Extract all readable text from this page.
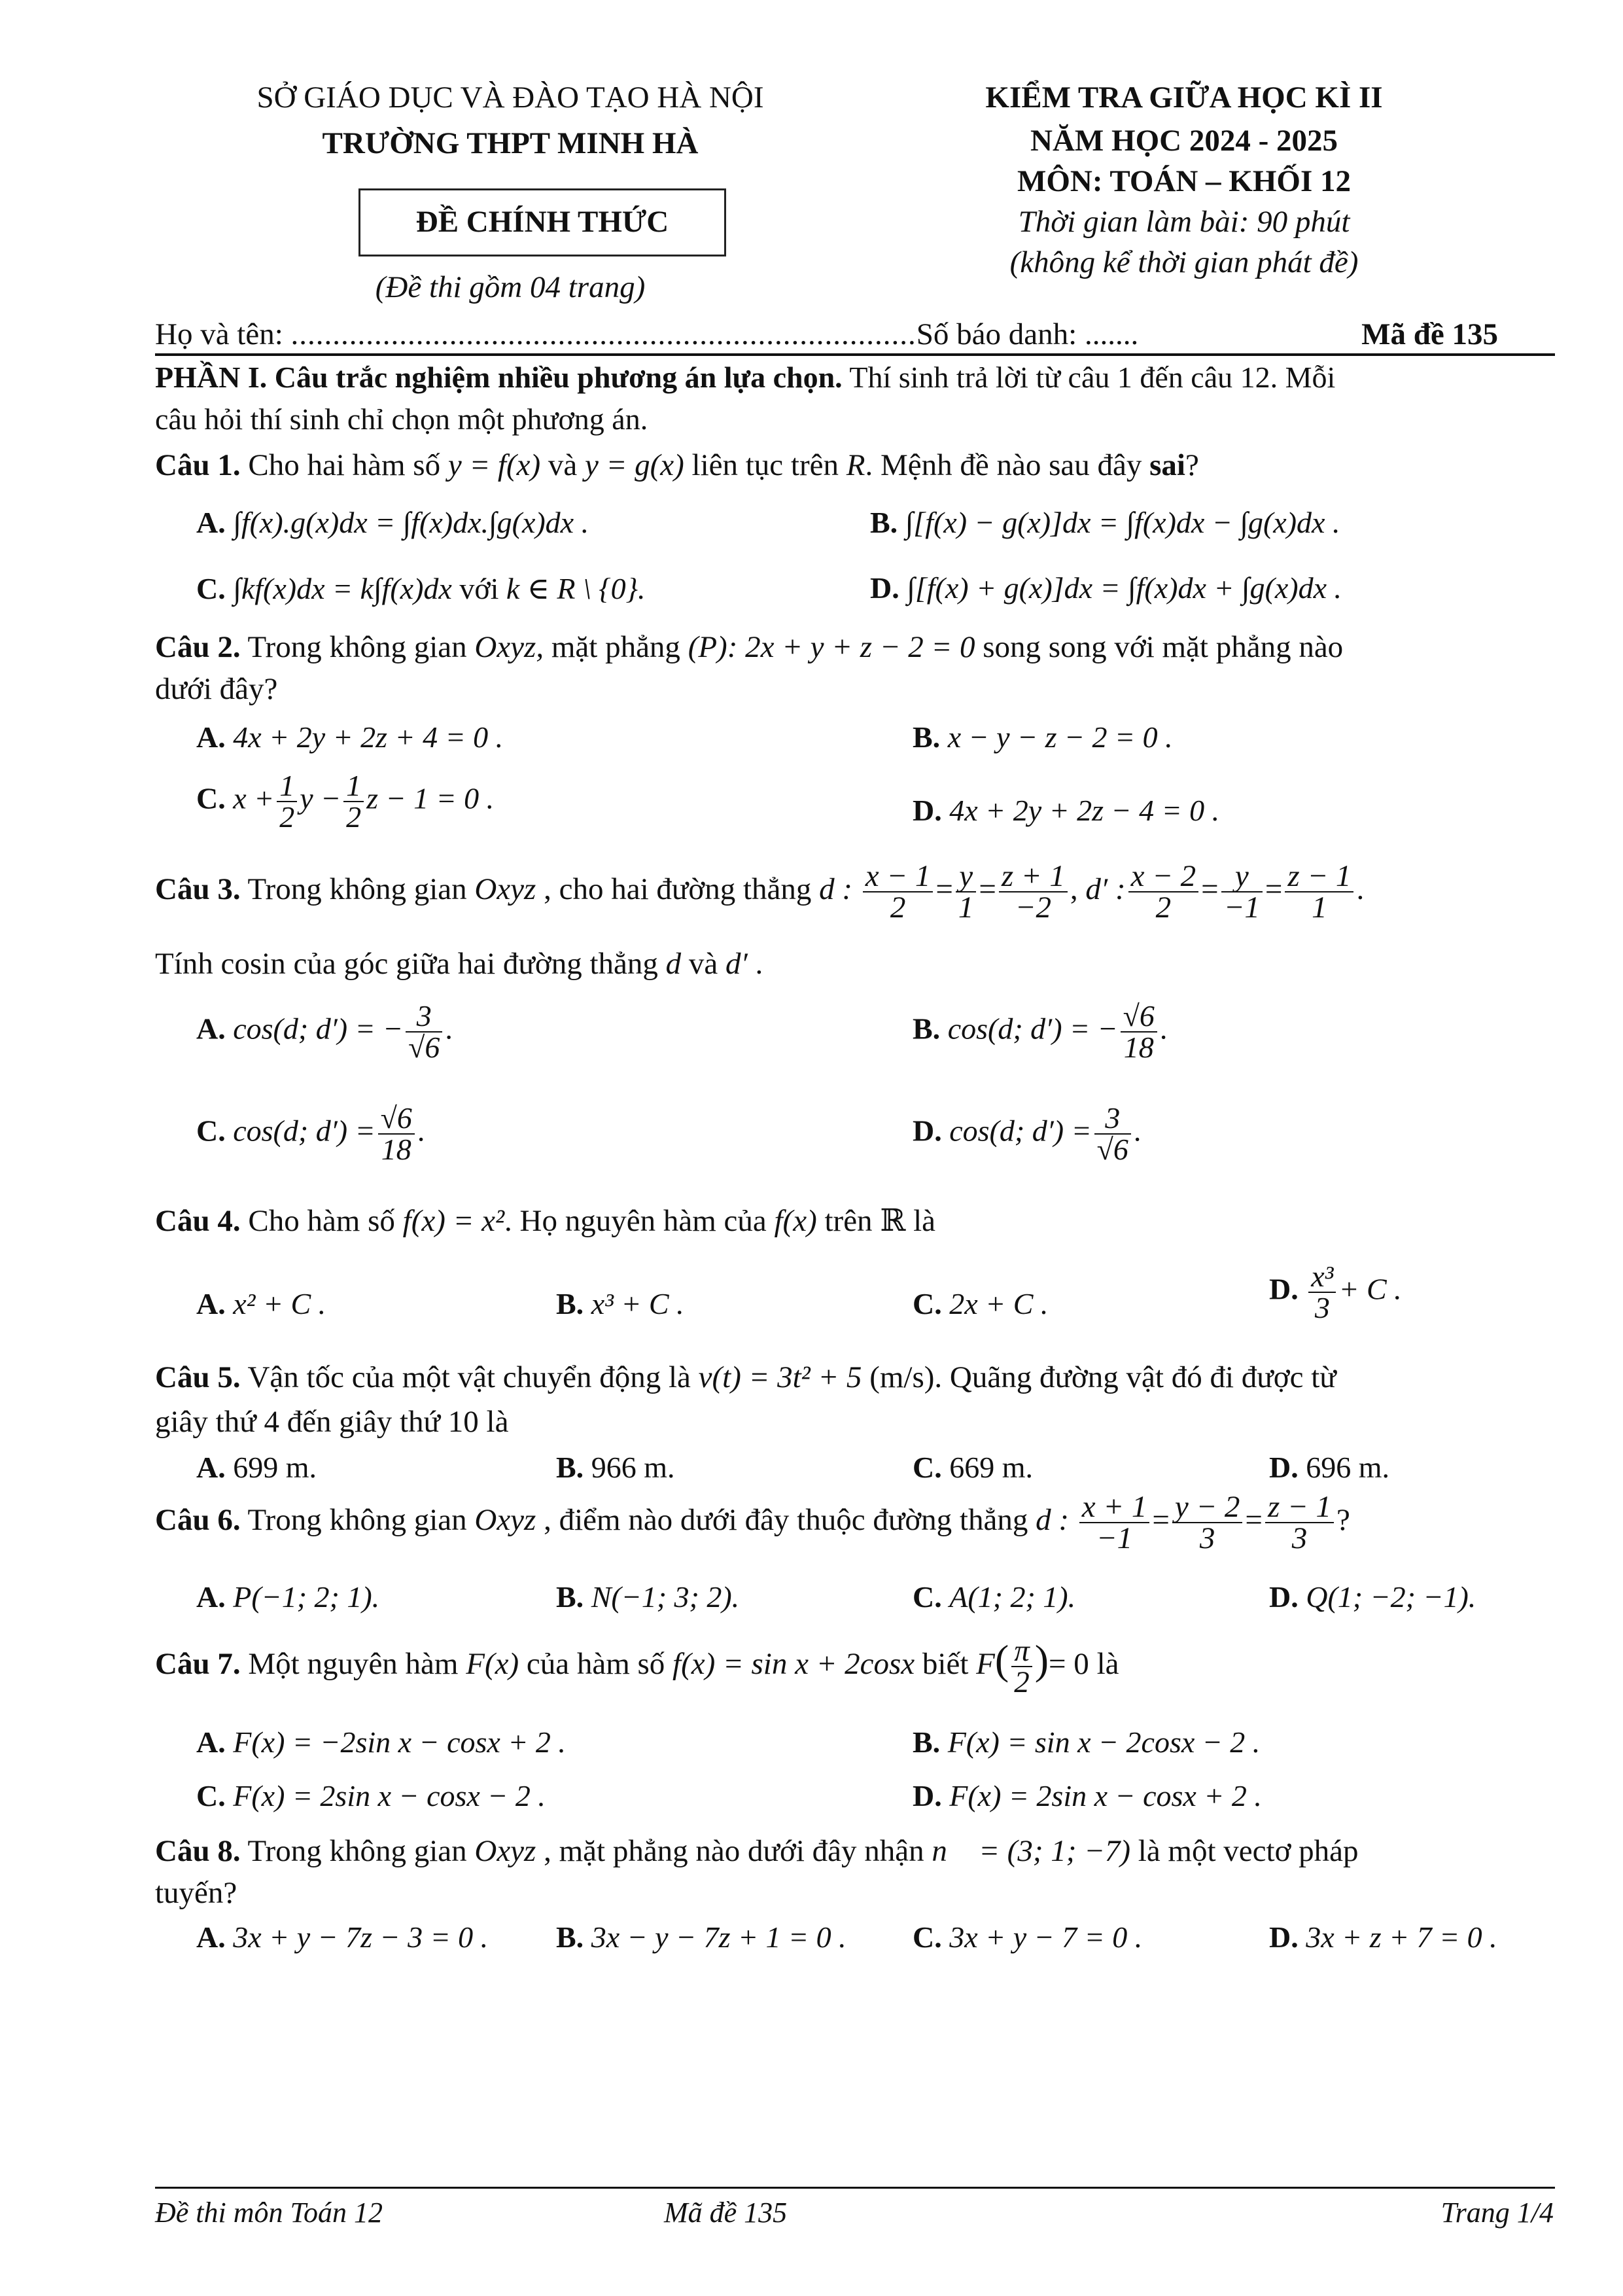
SỞ GIÁO DỤC VÀ ĐÀO TẠO HÀ NỘI
TRƯỜNG THPT MINH HÀ
ĐỀ CHÍNH THỨC
(Đề thi gồm 04 trang)
KIỂM TRA GIỮA HỌC KÌ II
NĂM HỌC 2024 - 2025
MÔN: TOÁN – KHỐI 12
Thời gian làm bài: 90 phút
(không kể thời gian phát đề)
Họ và tên: ...........................................................................Số báo danh: .......	Mã đề 135
PHẦN I. Câu trắc nghiệm nhiều phương án lựa chọn. Thí sinh trả lời từ câu 1 đến câu 12. Mỗi
câu hỏi thí sinh chỉ chọn một phương án.
Câu 1. Cho hai hàm số y = f(x) và y = g(x) liên tục trên R. Mệnh đề nào sau đây sai?
A. ∫f(x).g(x)dx = ∫f(x)dx.∫g(x)dx .	B. ∫[f(x) − g(x)]dx = ∫f(x)dx − ∫g(x)dx .
C. ∫kf(x)dx = k∫f(x)dx với k ∈ R \ {0}.	D. ∫[f(x) + g(x)]dx = ∫f(x)dx + ∫g(x)dx .
Câu 2. Trong không gian Oxyz, mặt phẳng (P): 2x + y + z − 2 = 0 song song với mặt phẳng nào
dưới đây?
A. 4x + 2y + 2z + 4 = 0 .	B. x − y − z − 2 = 0 .
C. $x + \frac{1}{2}$ $y - \frac{1}{2}$ z − 1 = 0 .	D. 4x + 2y + 2z − 4 = 0 .
Câu 3. Trong không gian Oxyz , cho hai đường thẳng d : $\frac{x - 1}{2} = \frac{y}{1} = \frac{z + 1}{-2}$ , d′ : $\frac{x - 2}{2} = \frac{y}{-1} = \frac{z - 1}{1}$ .
Tính cosin của góc giữa hai đường thẳng d và d′ .
A. cos(d; d′) = − $\frac{3}{√6}$ .	B. cos(d; d′) = − $\frac{√6}{18}$ .
C. cos(d; $d') = \frac{√6}{18}$ .	D. cos(d; $d') = \frac{3}{√6}$ .
Câu 4. Cho hàm số f(x) = x². Họ nguyên hàm của f(x) trên ℝ là
A. x² + C .	B. x³ + C .	C. 2x + C .	D. $\frac{\text{x³}}{3} + C$ .
Câu 5. Vận tốc của một vật chuyển động là v(t) = 3t² + 5 (m/s). Quãng đường vật đó đi được từ
giây thứ 4 đến giây thứ 10 là
A. 699 m.	B. 966 m.	C. 669 m.	D. 696 m.
Câu 6. Trong không gian Oxyz , điểm nào dưới đây thuộc đường thẳng d : $\frac{x + 1}{-1} = \frac{y - 2}{3} = \frac{z - 1}{3}$ ?
A. P(−1; 2; 1).	B. N(−1; 3; 2).	C. A(1; 2; 1).	D. Q(1; −2; −1).
Câu 7. Một nguyên hàm F(x) của hàm số f(x) = sin x + 2cosx biết $F( \frac{\pi}{2}$ )= 0 là
A. F(x) = −2sin x − cosx + 2 .	B. F(x) = sin x − 2cosx − 2 .
C. F(x) = 2sin x − cosx − 2 .	D. F(x) = 2sin x − cosx + 2 .
Câu 8. Trong không gian Oxyz , mặt phẳng nào dưới đây nhận n⃗ = (3; 1; −7) là một vectơ pháp
tuyến?
A. 3x + y − 7z − 3 = 0 . B. 3x − y − 7z + 1 = 0 . C. 3x + y − 7 = 0 .	D. 3x + z + 7 = 0 .
Đề thi môn Toán 12	Mã đề 135	Trang 1/4
